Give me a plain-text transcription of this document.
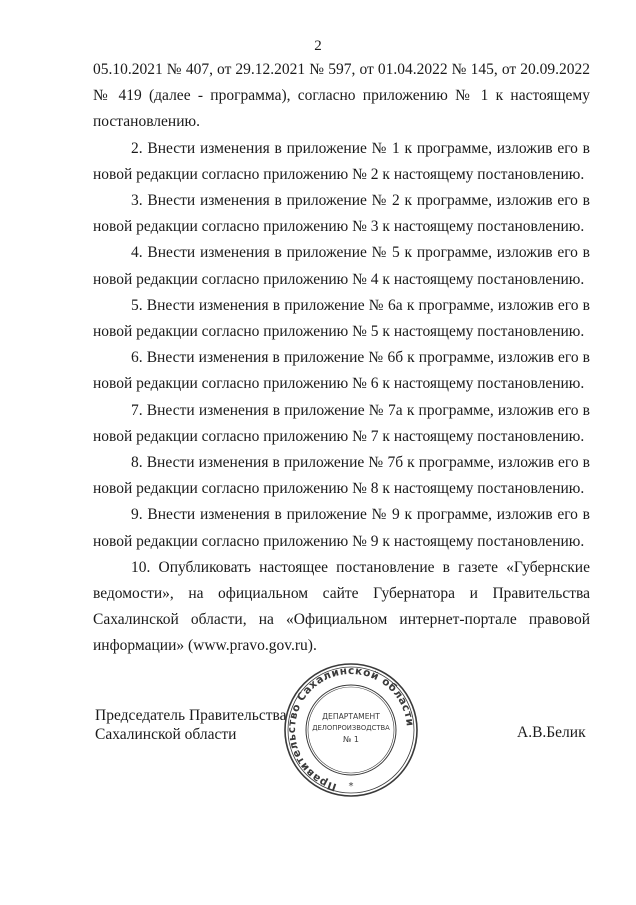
2

05.10.2021 № 407, от 29.12.2021 № 597, от 01.04.2022 № 145, от 20.09.2022 № 419 (далее - программа), согласно приложению № 1 к настоящему постановлению.

2. Внести изменения в приложение № 1 к программе, изложив его в новой редакции согласно приложению № 2 к настоящему постановлению.

3. Внести изменения в приложение № 2 к программе, изложив его в новой редакции согласно приложению № 3 к настоящему постановлению.

4. Внести изменения в приложение № 5 к программе, изложив его в новой редакции согласно приложению № 4 к настоящему постановлению.

5. Внести изменения в приложение № 6а к программе, изложив его в новой редакции согласно приложению № 5 к настоящему постановлению.

6. Внести изменения в приложение № 6б к программе, изложив его в новой редакции согласно приложению № 6 к настоящему постановлению.

7. Внести изменения в приложение № 7а к программе, изложив его в новой редакции согласно приложению № 7 к настоящему постановлению.

8. Внести изменения в приложение № 7б к программе, изложив его в новой редакции согласно приложению № 8 к настоящему постановлению.

9. Внести изменения в приложение № 9 к программе, изложив его в новой редакции согласно приложению № 9 к настоящему постановлению.

10. Опубликовать настоящее постановление в газете «Губернские ведомости», на официальном сайте Губернатора и Правительства Сахалинской области, на «Официальном интернет-портале правовой информации» (www.pravo.gov.ru).

Председатель Правительства
Сахалинской области
Правительство Сахалинской области
*
ДЕПАРТАМЕНТ
ДЕЛОПРОИЗВОДСТВА
№ 1	А.В.Белик
